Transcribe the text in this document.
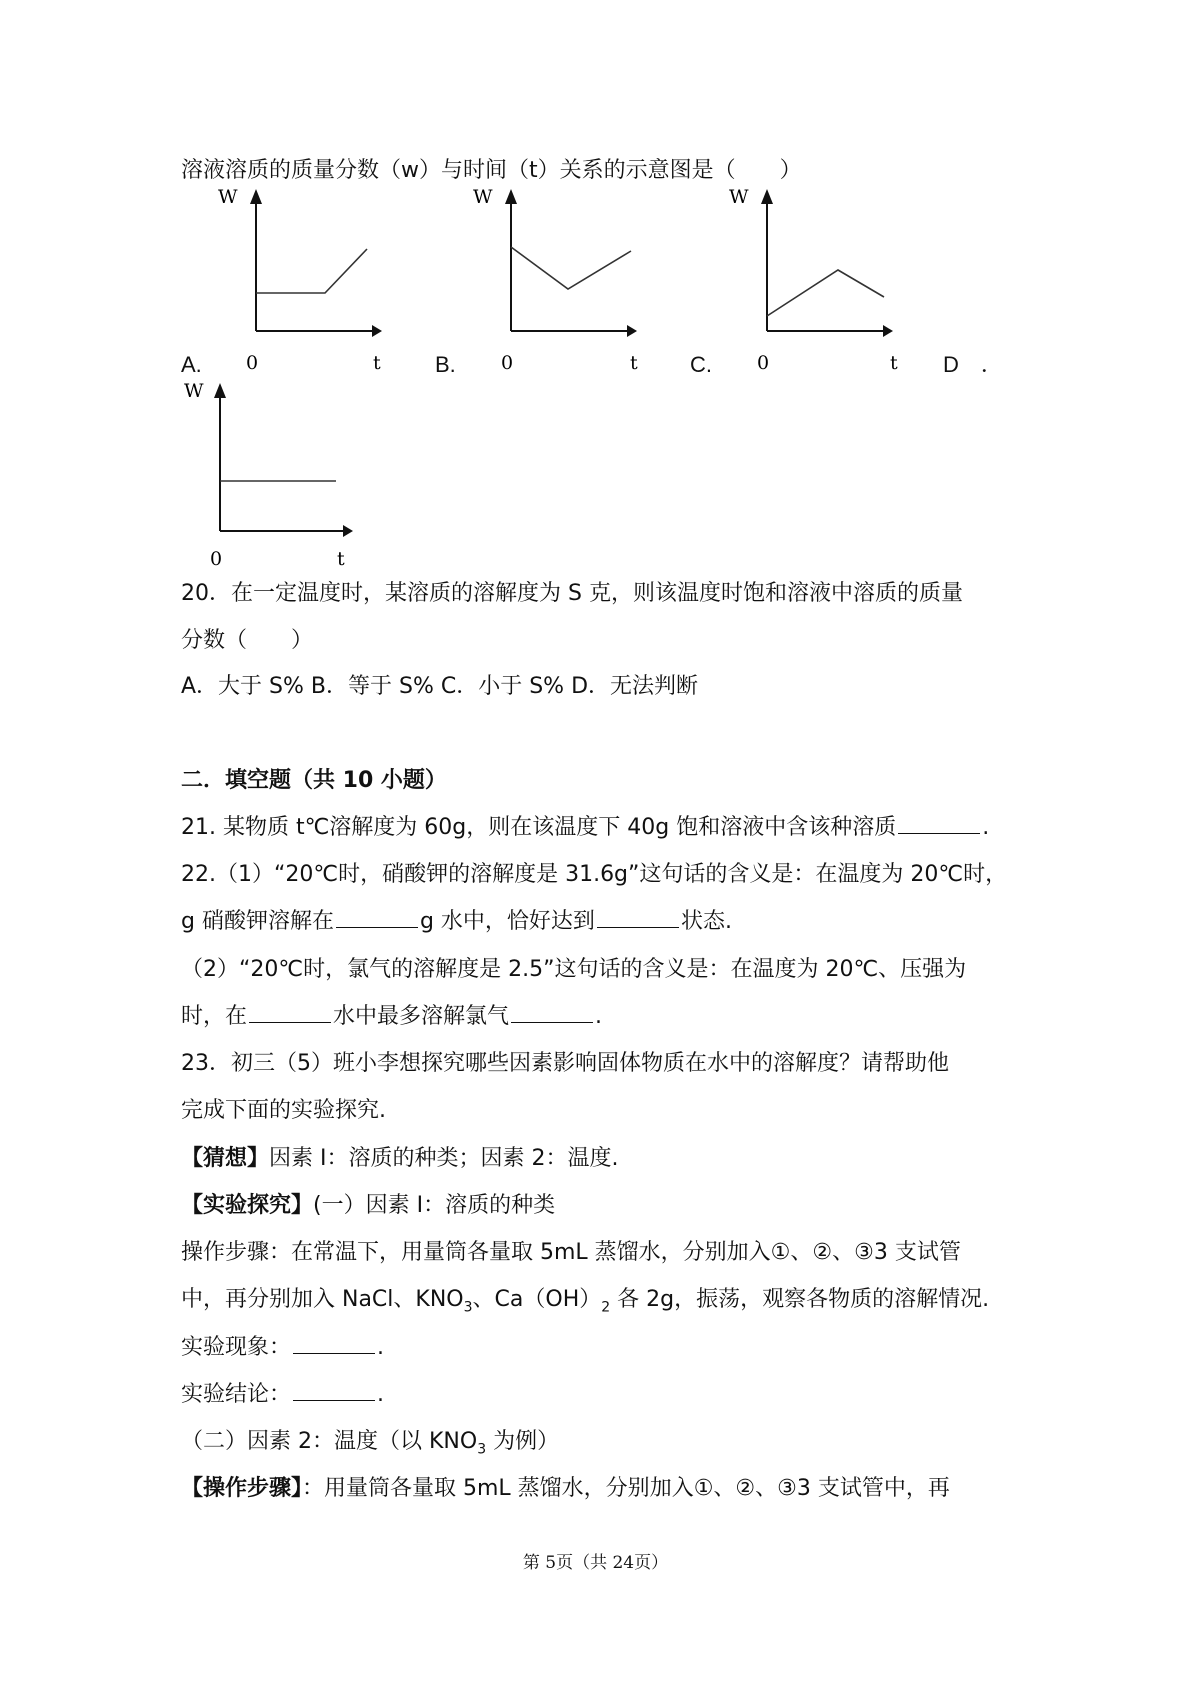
溶液溶质的质量分数（w）与时间（t）关系的示意图是（　　）
W
0	t
A.
W
0	t
B.
W
0	t
C.	D　．
W
0	t
20．在一定温度时，某溶质的溶解度为 S 克，则该温度时饱和溶液中溶质的质量
分数（　　）
A．大于 S% B．等于 S% C．小于 S% D．无法判断
二．填空题（共 10 小题）
21. 某物质 t℃溶解度为 60g，则在该温度下 40g 饱和溶液中含该种溶质	.
22.（1）“20℃时，硝酸钾的溶解度是 31.6g”这句话的含义是：在温度为 20℃时，
g 硝酸钾溶解在	g 水中，恰好达到	状态.
（2）“20℃时，氯气的溶解度是 2.5”这句话的含义是：在温度为 20℃、压强为
时，在	水中最多溶解氯气	.
23．初三（5）班小李想探究哪些因素影响固体物质在水中的溶解度？请帮助他
完成下面的实验探究.
【猜想】因素 I：溶质的种类；因素 2：温度.
【实验探究】(一）因素 I：溶质的种类
操作步骤：在常温下，用量筒各量取 5mL 蒸馏水，分别加入①、②、③3 支试管
中，再分别加入 NaCl、$KNO_3$、$Ca(OH)_2$ 各 2g，振荡，观察各物质的溶解情况.
实验现象：	.
实验结论：	.
（二）因素 2：温度（以 $KNO_3$ 为例）
【操作步骤】：用量筒各量取 5mL 蒸馏水，分别加入①、②、③3 支试管中，再
第 5页（共 24页）
